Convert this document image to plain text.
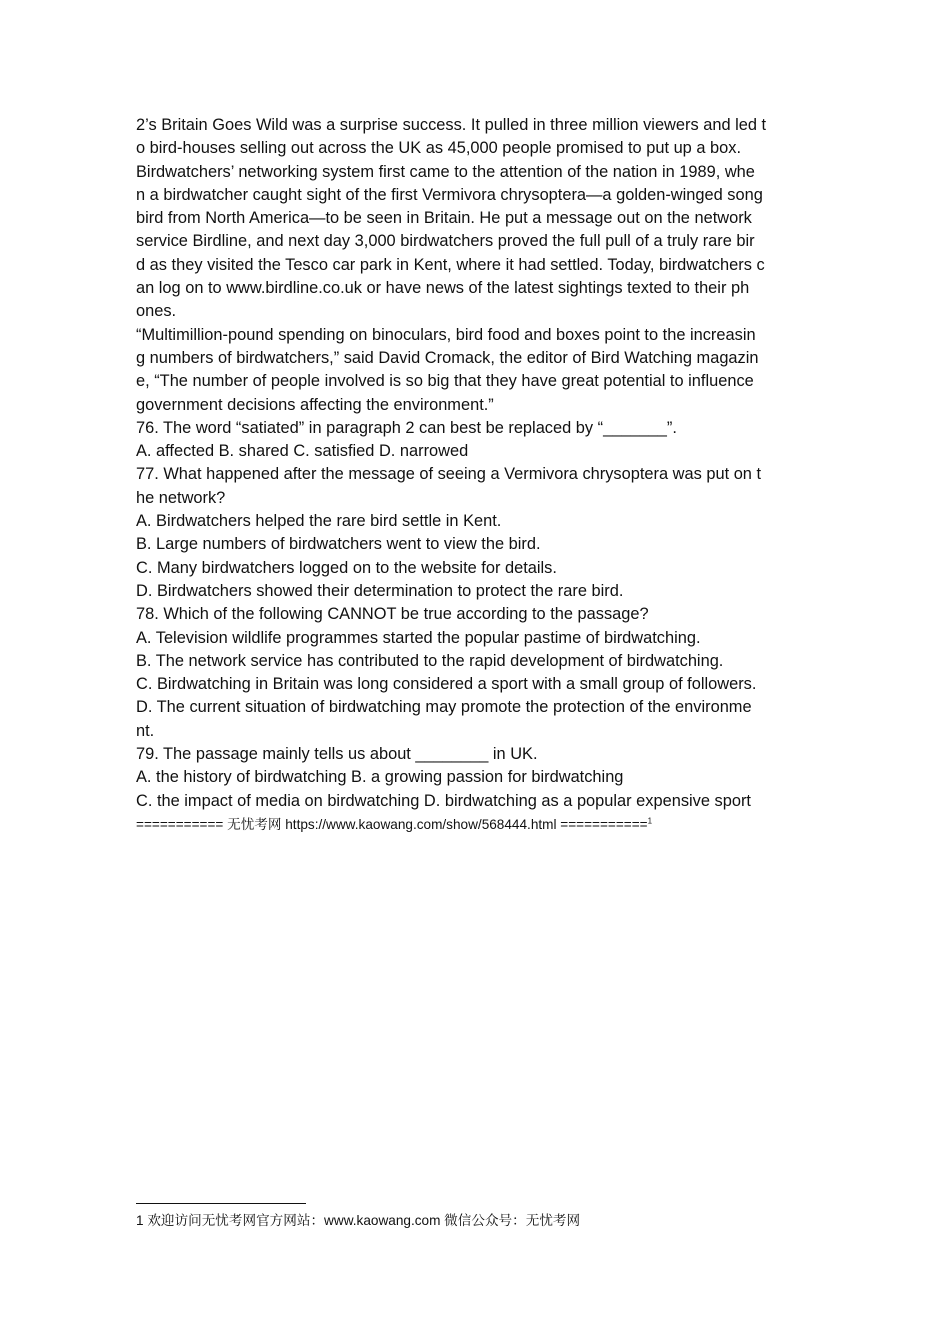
2’s Britain Goes Wild was a surprise success. It pulled in three million viewers and led t
o bird-houses selling out across the UK as 45,000 people promised to put up a box.
Birdwatchers’ networking system first came to the attention of the nation in 1989, whe
n a birdwatcher caught sight of the first Vermivora chrysoptera—a golden-winged song
bird from North America—to be seen in Britain. He put a message out on the network
service Birdline, and next day 3,000 birdwatchers proved the full pull of a truly rare bir
d as they visited the Tesco car park in Kent, where it had settled. Today, birdwatchers c
an log on to www.birdline.co.uk or have news of the latest sightings texted to their ph
ones.
“Multimillion-pound spending on binoculars, bird food and boxes point to the increasin
g numbers of birdwatchers,” said David Cromack, the editor of Bird Watching magazin
e, “The number of people involved is so big that they have great potential to influence
government decisions affecting the environment.”
76. The word “satiated” in paragraph 2 can best be replaced by “_______”.
A. affected B. shared C. satisfied D. narrowed
77. What happened after the message of seeing a Vermivora chrysoptera was put on t
he network?
A. Birdwatchers helped the rare bird settle in Kent.
B. Large numbers of birdwatchers went to view the bird.
C. Many birdwatchers logged on to the website for details.
D. Birdwatchers showed their determination to protect the rare bird.
78. Which of the following CANNOT be true according to the passage?
A. Television wildlife programmes started the popular pastime of birdwatching.
B. The network service has contributed to the rapid development of birdwatching.
C. Birdwatching in Britain was long considered a sport with a small group of followers.
D. The current situation of birdwatching may promote the protection of the environme
nt.
79. The passage mainly tells us about ________ in UK.
A. the history of birdwatching B. a growing passion for birdwatching
C. the impact of media on birdwatching D. birdwatching as a popular expensive sport
=========== 无忧考网 https://www.kaowang.com/show/568444.html ===========$^1$
1 欢迎访问无忧考网官方网站：www.kaowang.com 微信公众号：无忧考网
